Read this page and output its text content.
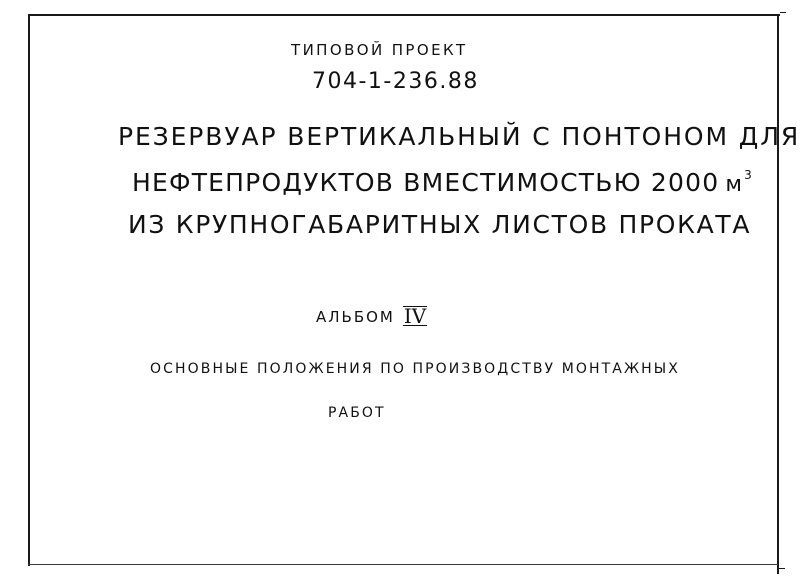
ТИПОВОЙ ПРОЕКТ
704-1-236.88
РЕЗЕРВУАР ВЕРТИКАЛЬНЫЙ С ПОНТОНОМ ДЛЯ
НЕФТЕПРОДУКТОВ ВМЕСТИМОСТЬЮ 2000 $м^3$
ИЗ КРУПНОГАБАРИТНЫХ ЛИСТОВ ПРОКАТА
АЛЬБОМ IV
ОСНОВНЫЕ ПОЛОЖЕНИЯ ПО ПРОИЗВОДСТВУ МОНТАЖНЫХ
РАБОТ
